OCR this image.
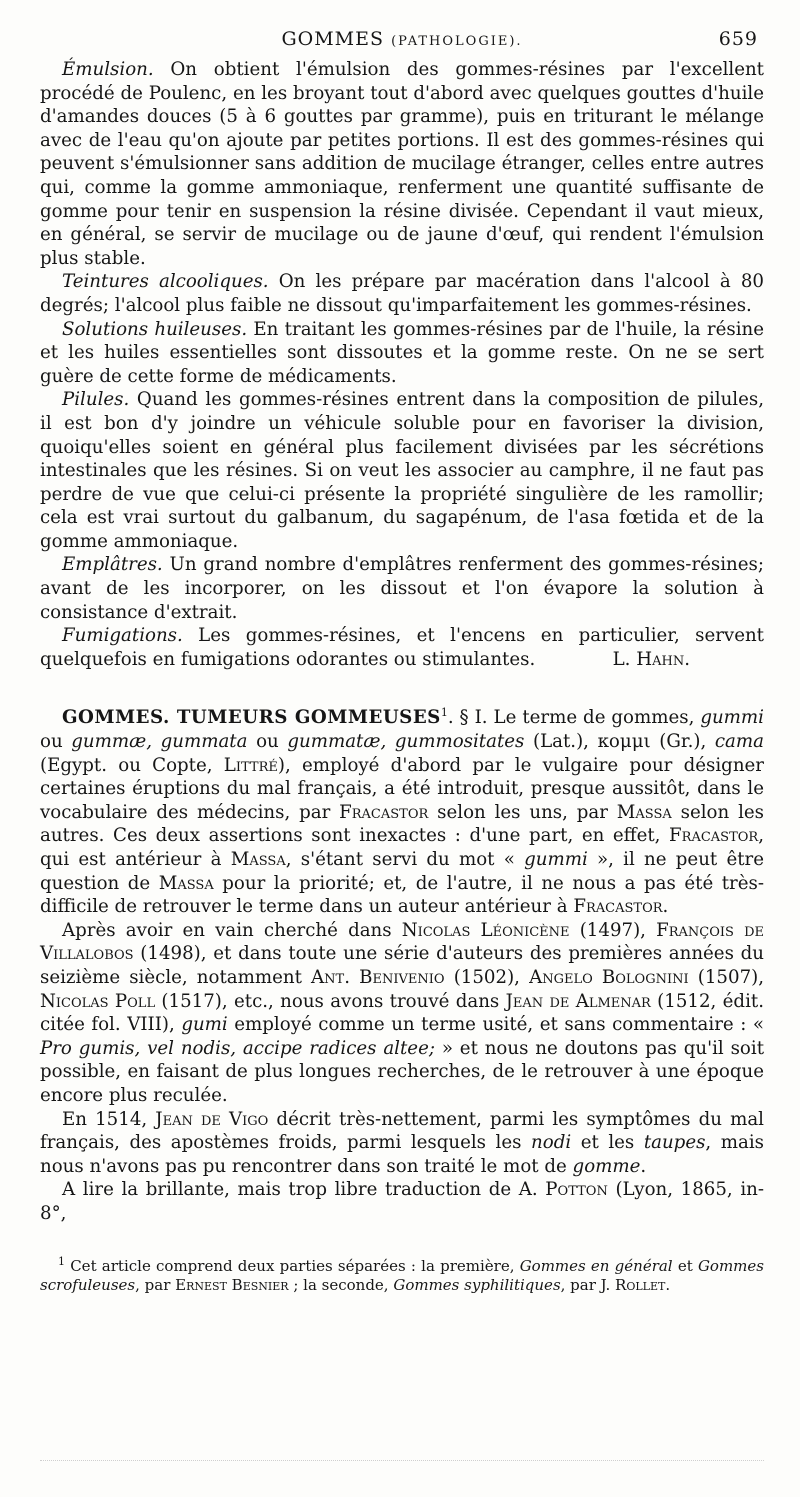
GOMMES (PATHOLOGIE).	659

Émulsion. On obtient l'émulsion des gommes-résines par l'excellent procédé de Poulenc, en les broyant tout d'abord avec quelques gouttes d'huile d'amandes douces (5 à 6 gouttes par gramme), puis en triturant le mélange avec de l'eau qu'on ajoute par petites portions. Il est des gommes-résines qui peuvent s'émulsionner sans addition de mucilage étranger, celles entre autres qui, comme la gomme ammoniaque, renferment une quantité suffisante de gomme pour tenir en suspension la résine divisée. Cependant il vaut mieux, en général, se servir de mucilage ou de jaune d'œuf, qui rendent l'émulsion plus stable.

Teintures alcooliques. On les prépare par macération dans l'alcool à 80 degrés; l'alcool plus faible ne dissout qu'imparfaitement les gommes-résines.

Solutions huileuses. En traitant les gommes-résines par de l'huile, la résine et les huiles essentielles sont dissoutes et la gomme reste. On ne se sert guère de cette forme de médicaments.

Pilules. Quand les gommes-résines entrent dans la composition de pilules, il est bon d'y joindre un véhicule soluble pour en favoriser la division, quoiqu'elles soient en général plus facilement divisées par les sécrétions intestinales que les résines. Si on veut les associer au camphre, il ne faut pas perdre de vue que celui-ci présente la propriété singulière de les ramollir; cela est vrai surtout du galbanum, du sagapénum, de l'asa fœtida et de la gomme ammoniaque.

Emplâtres. Un grand nombre d'emplâtres renferment des gommes-résines; avant de les incorporer, on les dissout et l'on évapore la solution à consistance d'extrait.

Fumigations. Les gommes-résines, et l'encens en particulier, servent quelquefois en fumigations odorantes ou stimulantes.	L. Hahn.

GOMMES. TUMEURS GOMMEUSES$^1$. § I. Le terme de gommes, gummi ou gummæ, gummata ou gummatæ, gummositates (Lat.), κομμι (Gr.), cama (Egypt. ou Copte, Littré), employé d'abord par le vulgaire pour désigner certaines éruptions du mal français, a été introduit, presque aussitôt, dans le vocabulaire des médecins, par Fracastor selon les uns, par Massa selon les autres. Ces deux assertions sont inexactes : d'une part, en effet, Fracastor, qui est antérieur à Massa, s'étant servi du mot « gummi », il ne peut être question de Massa pour la priorité; et, de l'autre, il ne nous a pas été très-difficile de retrouver le terme dans un auteur antérieur à Fracastor.

Après avoir en vain cherché dans Nicolas Léonicène (1497), François de Villalobos (1498), et dans toute une série d'auteurs des premières années du seizième siècle, notamment Ant. Benivenio (1502), Angelo Bolognini (1507), Nicolas Poll (1517), etc., nous avons trouvé dans Jean de Almenar (1512, édit. citée fol. VIII), gumi employé comme un terme usité, et sans commentaire : « Pro gumis, vel nodis, accipe radices altee; » et nous ne doutons pas qu'il soit possible, en faisant de plus longues recherches, de le retrouver à une époque encore plus reculée.

En 1514, Jean de Vigo décrit très-nettement, parmi les symptômes du mal français, des apostèmes froids, parmi lesquels les nodi et les taupes, mais nous n'avons pas pu rencontrer dans son traité le mot de gomme.

A lire la brillante, mais trop libre traduction de A. Potton (Lyon, 1865, in-8°,

$^1$ Cet article comprend deux parties séparées : la première, Gommes en général et Gommes scrofuleuses, par Ernest Besnier ; la seconde, Gommes syphilitiques, par J. Rollet.
